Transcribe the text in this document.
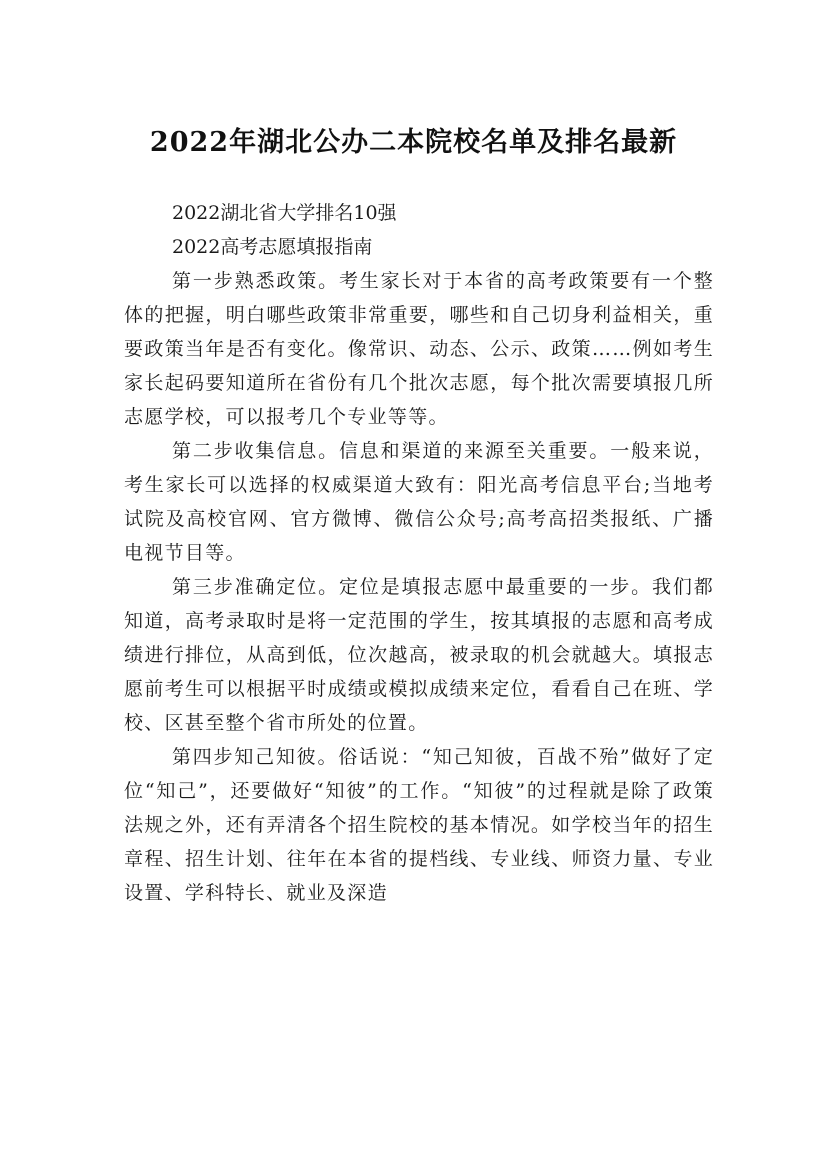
2022年湖北公办二本院校名单及排名最新

2022湖北省大学排名10强

2022高考志愿填报指南

第一步熟悉政策。考生家长对于本省的高考政策要有一个整体的把握，明白哪些政策非常重要，哪些和自己切身利益相关，重要政策当年是否有变化。像常识、动态、公示、政策……例如考生家长起码要知道所在省份有几个批次志愿，每个批次需要填报几所志愿学校，可以报考几个专业等等。

第二步收集信息。信息和渠道的来源至关重要。一般来说，考生家长可以选择的权威渠道大致有：阳光高考信息平台;当地考试院及高校官网、官方微博、微信公众号;高考高招类报纸、广播电视节目等。

第三步准确定位。定位是填报志愿中最重要的一步。我们都知道，高考录取时是将一定范围的学生，按其填报的志愿和高考成绩进行排位，从高到低，位次越高，被录取的机会就越大。填报志愿前考生可以根据平时成绩或模拟成绩来定位，看看自己在班、学校、区甚至整个省市所处的位置。

第四步知己知彼。俗话说：“知己知彼，百战不殆”做好了定位“知己”，还要做好“知彼”的工作。“知彼”的过程就是除了政策法规之外，还有弄清各个招生院校的基本情况。如学校当年的招生章程、招生计划、往年在本省的提档线、专业线、师资力量、专业设置、学科特长、就业及深造
